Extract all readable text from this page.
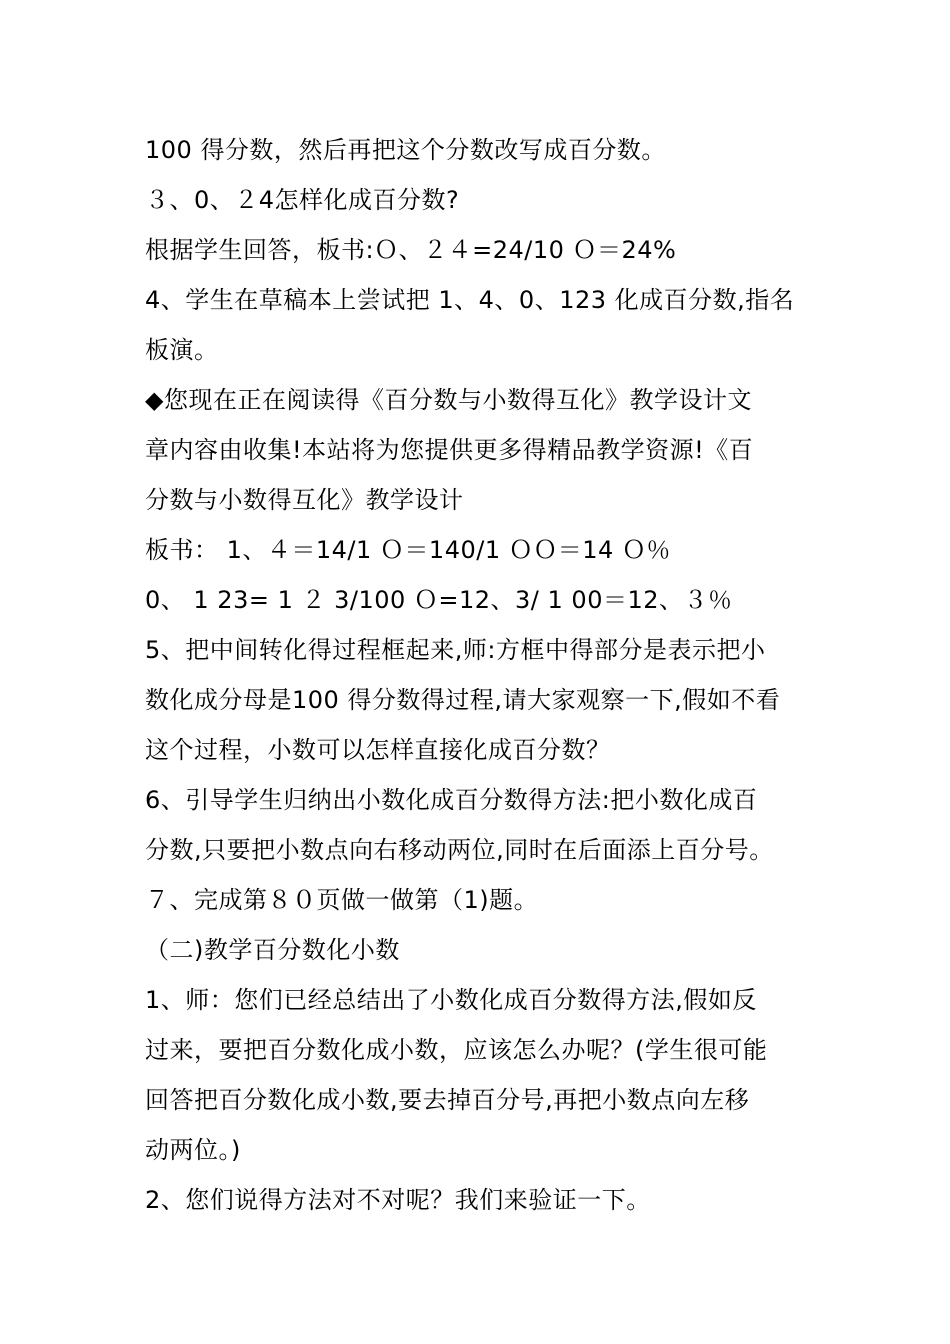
100 得分数，然后再把这个分数改写成百分数。
３、0、２4怎样化成百分数?
根据学生回答，板书:Ｏ、２４=24/10 Ｏ＝24%
4、学生在草稿本上尝试把 1、4、0、123 化成百分数,指名
板演。
◆您现在正在阅读得《百分数与小数得互化》教学设计文
章内容由收集!本站将为您提供更多得精品教学资源!《百
分数与小数得互化》教学设计
板书： 1、４＝14/1 Ｏ＝140/1 ＯＯ＝14 Ｏ％
0、 1 23= 1 ２ 3/100 Ｏ=12、3/ 1 00＝12、３％
5、把中间转化得过程框起来,师:方框中得部分是表示把小
数化成分母是100 得分数得过程,请大家观察一下,假如不看
这个过程，小数可以怎样直接化成百分数？
6、引导学生归纳出小数化成百分数得方法:把小数化成百
分数,只要把小数点向右移动两位,同时在后面添上百分号。
７、完成第８０页做一做第（1)题。
（二)教学百分数化小数
1、师：您们已经总结出了小数化成百分数得方法,假如反
过来，要把百分数化成小数，应该怎么办呢？(学生很可能
回答把百分数化成小数,要去掉百分号,再把小数点向左移
动两位。)
2、您们说得方法对不对呢？我们来验证一下。
